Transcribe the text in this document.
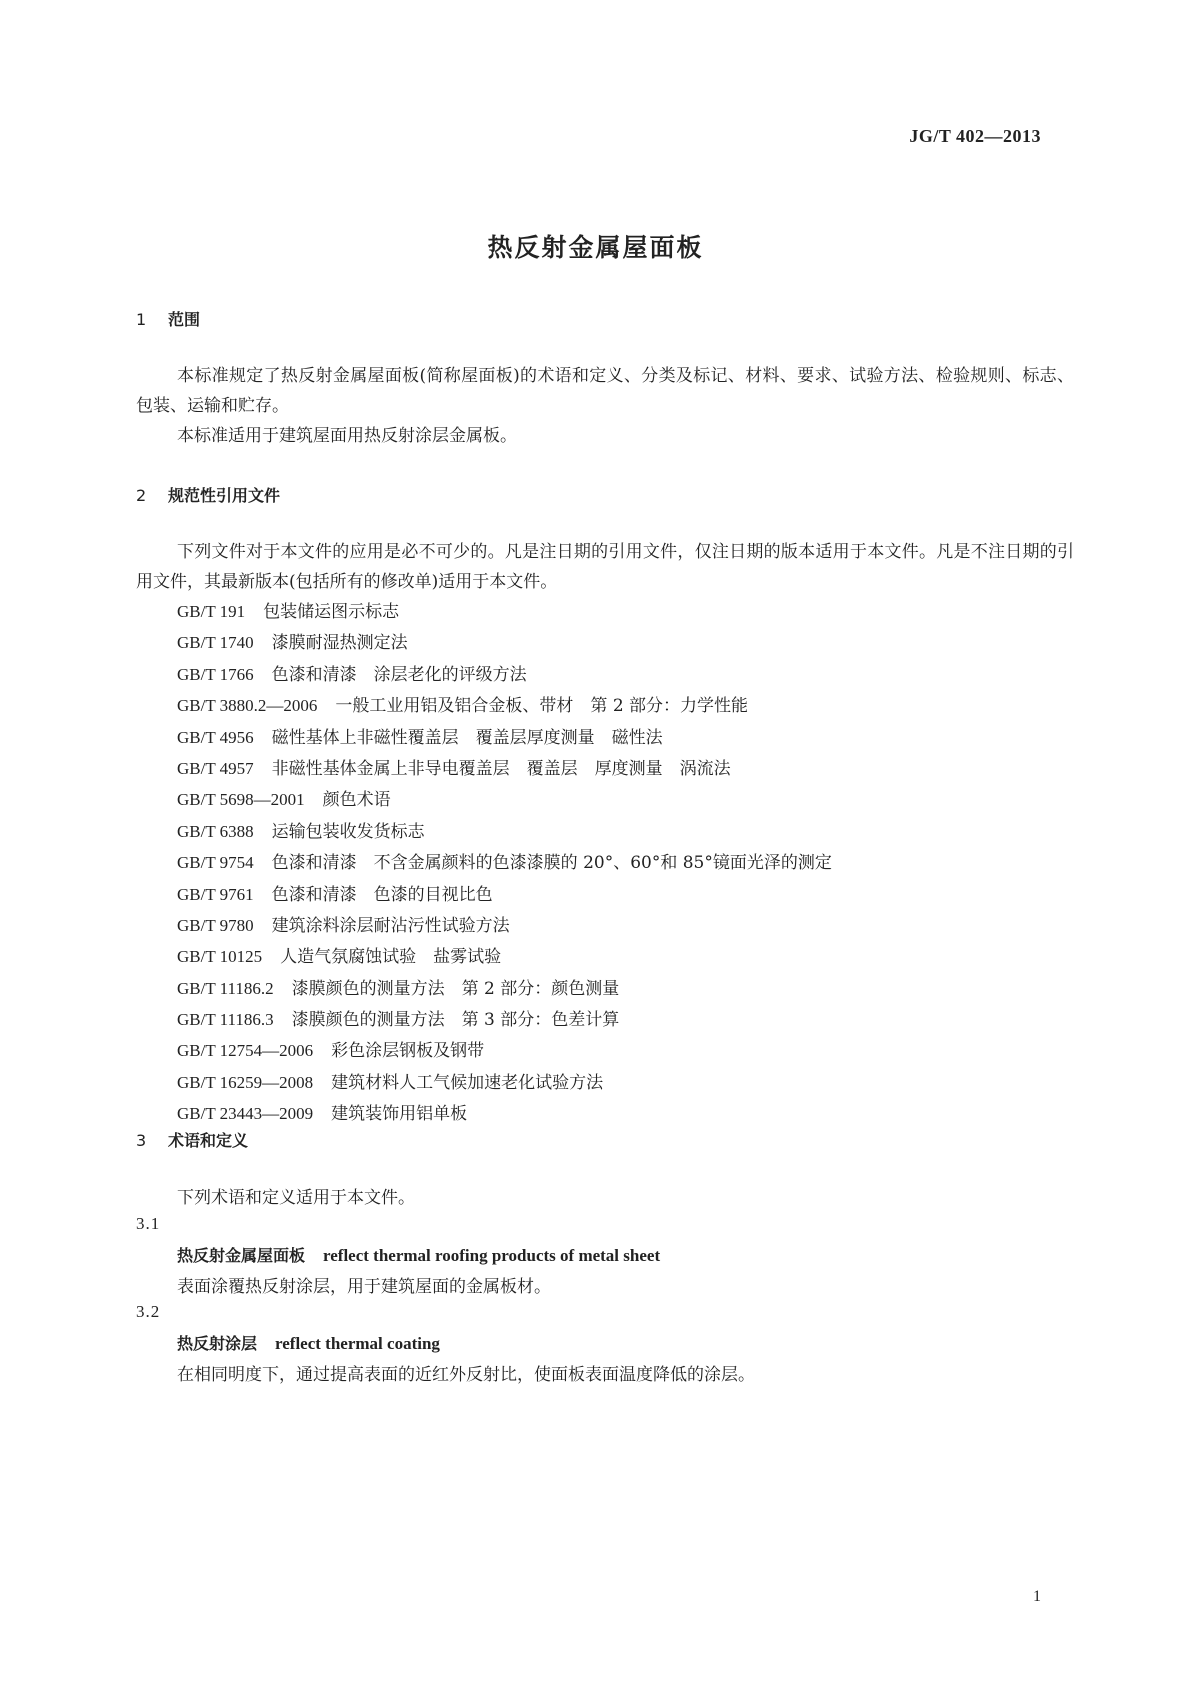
JG/T 402—2013
热反射金属屋面板
1 范围
本标准规定了热反射金属屋面板(简称屋面板)的术语和定义、分类及标记、材料、要求、试验方法、检验规则、标志、包装、运输和贮存。
本标准适用于建筑屋面用热反射涂层金属板。
2 规范性引用文件
下列文件对于本文件的应用是必不可少的。凡是注日期的引用文件，仅注日期的版本适用于本文件。凡是不注日期的引用文件，其最新版本(包括所有的修改单)适用于本文件。
GB/T 191 包装储运图示标志
GB/T 1740 漆膜耐湿热测定法
GB/T 1766 色漆和清漆　涂层老化的评级方法
GB/T 3880.2—2006 一般工业用铝及铝合金板、带材　第 2 部分：力学性能
GB/T 4956 磁性基体上非磁性覆盖层　覆盖层厚度测量　磁性法
GB/T 4957 非磁性基体金属上非导电覆盖层　覆盖层　厚度测量　涡流法
GB/T 5698—2001 颜色术语
GB/T 6388 运输包装收发货标志
GB/T 9754 色漆和清漆　不含金属颜料的色漆漆膜的 20°、60°和 85°镜面光泽的测定
GB/T 9761 色漆和清漆　色漆的目视比色
GB/T 9780 建筑涂料涂层耐沾污性试验方法
GB/T 10125 人造气氛腐蚀试验　盐雾试验
GB/T 11186.2 漆膜颜色的测量方法　第 2 部分：颜色测量
GB/T 11186.3 漆膜颜色的测量方法　第 3 部分：色差计算
GB/T 12754—2006 彩色涂层钢板及钢带
GB/T 16259—2008 建筑材料人工气候加速老化试验方法
GB/T 23443—2009 建筑装饰用铝单板
3 术语和定义
下列术语和定义适用于本文件。
3.1
热反射金属屋面板 reflect thermal roofing products of metal sheet
表面涂覆热反射涂层，用于建筑屋面的金属板材。
3.2
热反射涂层 reflect thermal coating
在相同明度下，通过提高表面的近红外反射比，使面板表面温度降低的涂层。
1
